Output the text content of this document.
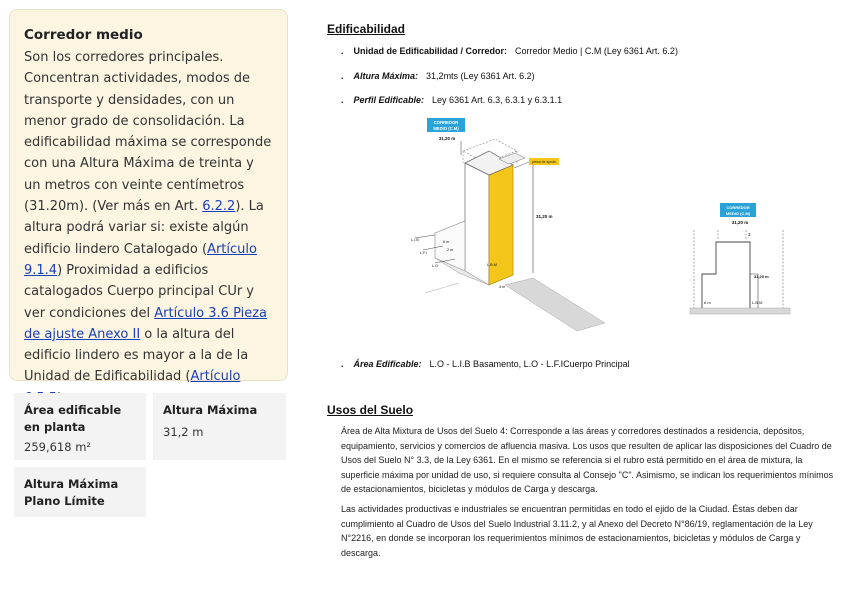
Corredor medio
Son los corredores principales. Concentran actividades, modos de transporte y densidades, con un menor grado de consolidación. La edificabilidad máxima se corresponde con una Altura Máxima de treinta y un metros con veinte centímetros (31.20m). (Ver más en Art. 6.2.2). La altura podrá variar si: existe algún edificio lindero Catalogado (Artículo 9.1.4) Proximidad a edificios catalogados Cuerpo principal CUr y ver condiciones del Artículo 3.6 Pieza de ajuste Anexo II o la altura del edificio lindero es mayor a la de la Unidad de Edificabilidad (Artículo
Área edificable en planta
259,618 m²
Altura Máxima
31,2 m
Altura Máxima Plano Límite
Edificabilidad
. Unidad de Edificabilidad / Corredor: Corredor Medio | C.M (Ley 6361 Art. 6.2)
. Altura Máxima: 31,2mts (Ley 6361 Art. 6.2)
. Perfil Edificable: Ley 6361 Art. 6.3, 6.3.1 y 6.3.1.1
CORREDOR
MEDIO (C.M)
31,20 m
pieza de ajuste
31,20 m
L.I.B
L.F.I
L.O
6 m
2 m
L.B.M
3 m
CORREDOR
MEDIO (C.M)
31,20 m
3
31,20 m
6 m	L.B.M
. Área Edificable: L.O - L.I.B Basamento, L.O - L.F.ICuerpo Principal
Usos del Suelo
Área de Alta Mixtura de Usos del Suelo 4: Corresponde a las áreas y corredores destinados a residencia, depósitos, equipamiento, servicios y comercios de afluencia masiva. Los usos que resulten de aplicar las disposiciones del Cuadro de Usos del Suelo N° 3.3, de la Ley 6361. En el mismo se referencia si el rubro está permitido en el área de mixtura, la superficie máxima por unidad de uso, si requiere consulta al Consejo "C". Asimismo, se indican los requerimientos mínimos de estacionamientos, bicicletas y módulos de Carga y descarga.
Las actividades productivas e industriales se encuentran permitidas en todo el ejido de la Ciudad. Éstas deben dar cumplimiento al Cuadro de Usos del Suelo Industrial 3.11.2, y al Anexo del Decreto N°86/19, reglamentación de la Ley N°2216, en donde se incorporan los requerimientos mínimos de estacionamientos, bicicletas y módulos de Carga y descarga.
